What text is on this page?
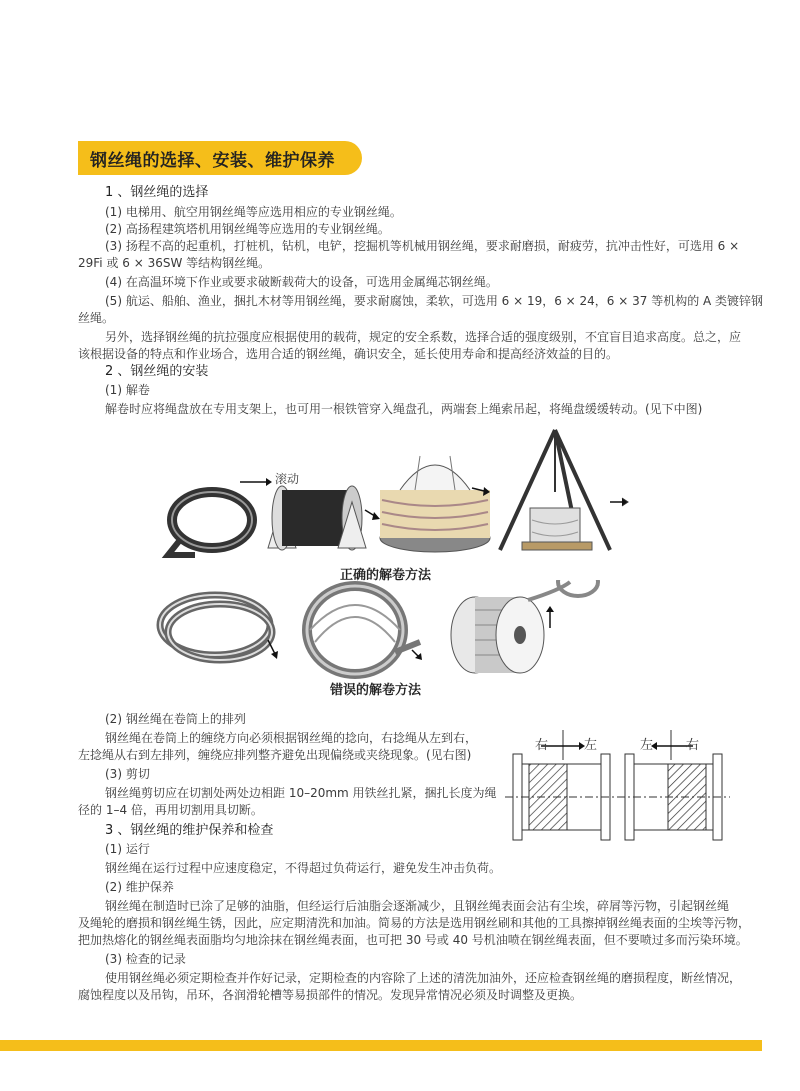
钢丝绳的选择、安装、维护保养
1 、钢丝绳的选择
(1) 电梯用、航空用钢丝绳等应选用相应的专业钢丝绳。
(2) 高扬程建筑塔机用钢丝绳等应选用的专业钢丝绳。
(3) 扬程不高的起重机，打桩机，钻机，电铲，挖掘机等机械用钢丝绳，要求耐磨损，耐疲劳，抗冲击性好，可选用 6 ×
29Fi 或 6 × 36SW 等结构钢丝绳。
(4) 在高温环境下作业或要求破断载荷大的设备，可选用金属绳芯钢丝绳。
(5) 航运、船舶、渔业，捆扎木材等用钢丝绳，要求耐腐蚀，柔软，可选用 6 × 19，6 × 24，6 × 37 等机构的 A 类镀锌钢
丝绳。
另外，选择钢丝绳的抗拉强度应根据使用的载荷，规定的安全系数，选择合适的强度级别，不宜盲目追求高度。总之，应
该根据设备的特点和作业场合，选用合适的钢丝绳，确识安全，延长使用寿命和提高经济效益的目的。
2 、钢丝绳的安装
(1) 解卷
解卷时应将绳盘放在专用支架上，也可用一根铁管穿入绳盘孔，两端套上绳索吊起，将绳盘缓缓转动。(见下中图)
滚动
正确的解卷方法
错误的解卷方法
(2) 钢丝绳在卷筒上的排列
钢丝绳在卷筒上的缠绕方向必须根据钢丝绳的捻向，右捻绳从左到右，
左捻绳从右到左排列，缠绕应排列整齐避免出现偏绕或夹绕现象。(见右图)
(3) 剪切
钢丝绳剪切应在切割处两处边相距 10–20mm 用铁丝扎紧，捆扎长度为绳
径的 1–4 倍，再用切割用具切断。
右	左	左	右
3 、钢丝绳的维护保养和检查
(1) 运行
钢丝绳在运行过程中应速度稳定，不得超过负荷运行，避免发生冲击负荷。
(2) 维护保养
钢丝绳在制造时已涂了足够的油脂，但经运行后油脂会逐渐减少，且钢丝绳表面会沾有尘埃，碎屑等污物，引起钢丝绳
及绳轮的磨损和钢丝绳生锈，因此，应定期清洗和加油。简易的方法是选用钢丝刷和其他的工具擦掉钢丝绳表面的尘埃等污物，
把加热熔化的钢丝绳表面脂均匀地涂抹在钢丝绳表面，也可把 30 号或 40 号机油喷在钢丝绳表面，但不要喷过多而污染环境。
(3) 检查的记录
使用钢丝绳必须定期检查并作好记录，定期检查的内容除了上述的清洗加油外，还应检查钢丝绳的磨损程度，断丝情况，
腐蚀程度以及吊钩，吊环，各润滑轮槽等易损部件的情况。发现异常情况必须及时调整及更换。
